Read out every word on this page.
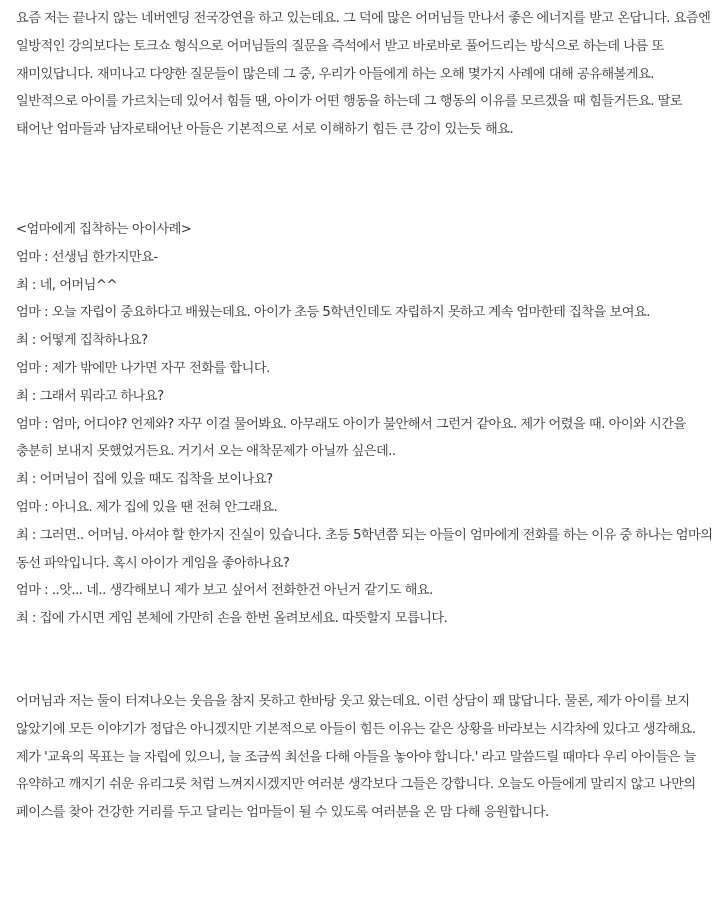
요즘 저는 끝나지 않는 네버엔딩 전국강연을 하고 있는데요. 그 덕에 많은 어머님들 만나서 좋은 에너지를 받고 온답니다. 요즘엔 일방적인 강의보다는 토크쇼 형식으로 어머님들의 질문을 즉석에서 받고 바로바로 풀어드리는 방식으로 하는데 나름 또 재미있답니다. 재미나고 다양한 질문들이 많은데 그 중, 우리가 아들에게 하는 오해 몇가지 사례에 대해 공유해볼게요. 일반적으로 아이를 가르치는데 있어서 힘들 땐, 아이가 어떤 행동을 하는데 그 행동의 이유를 모르겠을 때 힘들거든요. 딸로 태어난 엄마들과 남자로태어난 아들은 기본적으로 서로 이해하기 힘든 큰 강이 있는듯 해요.

<엄마에게 집착하는 아이사례>
엄마 : 선생님 한가지만요-
최 : 네, 어머님^^
엄마 : 오늘 자립이 중요하다고 배웠는데요. 아이가 초등 5학년인데도 자립하지 못하고 계속 엄마한테 집착을 보여요.
최 : 어떻게 집착하나요?
엄마 : 제가 밖에만 나가면 자꾸 전화를 합니다.
최 : 그래서 뭐라고 하나요?
엄마 : 엄마, 어디야? 언제와? 자꾸 이걸 물어봐요. 아무래도 아이가 불안해서 그런거 같아요. 제가 어렸을 때. 아이와 시간을 충분히 보내지 못했었거든요. 거기서 오는 애착문제가 아닐까 싶은데..
최 : 어머님이 집에 있을 때도 집착을 보이나요?
엄마 : 아니요. 제가 집에 있을 땐 전혀 안그래요.
최 : 그러면.. 어머님. 아셔야 할 한가지 진실이 있습니다. 초등 5학년쯤 되는 아들이 엄마에게 전화를 하는 이유 중 하나는 엄마의 동선 파악입니다. 혹시 아이가 게임을 좋아하나요?
엄마 : ..앗... 네.. 생각해보니 제가 보고 싶어서 전화한건 아닌거 같기도 해요.
최 : 집에 가시면 게임 본체에 가만히 손을 한번 올려보세요. 따뜻할지 모릅니다.

어머님과 저는 둘이 터져나오는 웃음을 참지 못하고 한바탕 웃고 왔는데요. 이런 상담이 꽤 많답니다. 물론, 제가 아이를 보지 않았기에 모든 이야기가 정답은 아니겠지만 기본적으로 아들이 힘든 이유는 같은 상황을 바라보는 시각차에 있다고 생각해요. 제가 '교육의 목표는 늘 자립에 있으니, 늘 조금씩 최선을 다해 아들을 놓아야 합니다.' 라고 말씀드릴 때마다 우리 아이들은 늘 유약하고 깨지기 쉬운 유리그릇 처럼 느껴지시겠지만 여러분 생각보다 그들은 강합니다. 오늘도 아들에게 말리지 않고 나만의 페이스를 찾아 건강한 거리를 두고 달리는 엄마들이 될 수 있도록 여러분을 온 맘 다해 응원합니다.
